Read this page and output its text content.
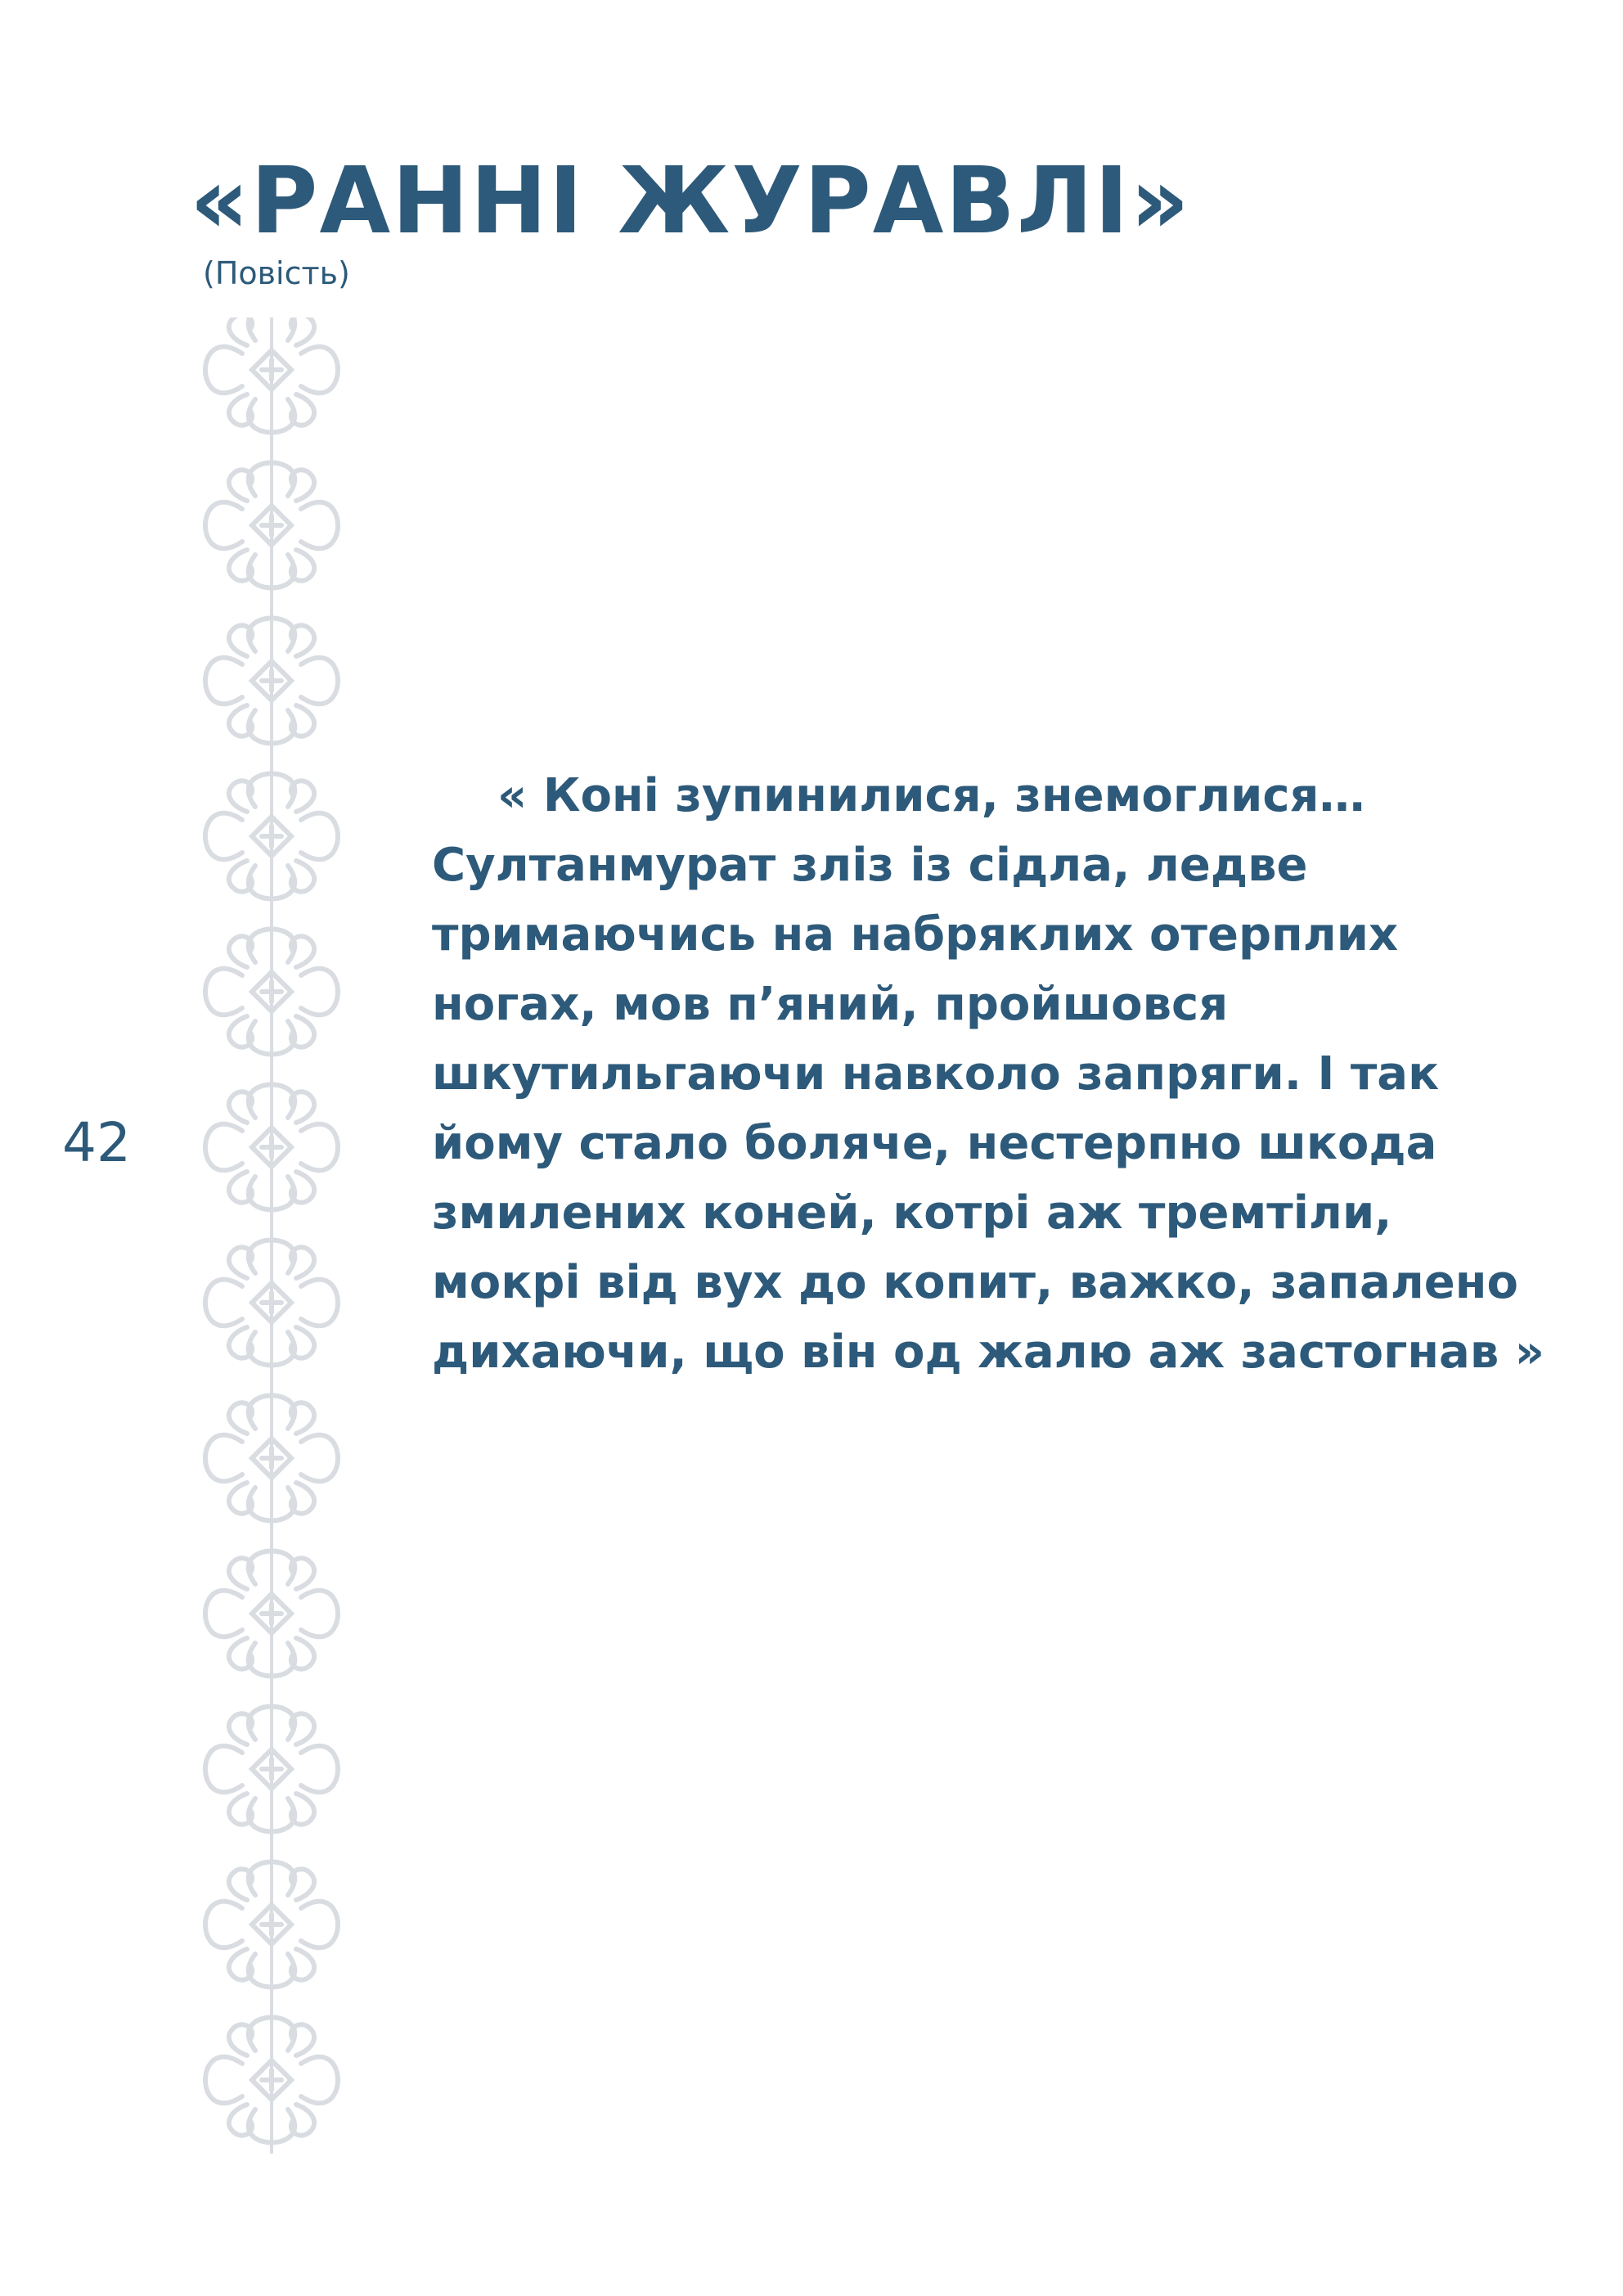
«РАННІ ЖУРАВЛІ»

(Повість)

42

« Коні зупинилися, знемоглися…
Султанмурат зліз із сідла, ледве
тримаючись на набряклих отерплих
ногах, мов п’яний, пройшовся
шкутильгаючи навколо запряги. І так
йому стало боляче, нестерпно шкода
змилених коней, котрі аж тремтіли,
мокрі від вух до копит, важко, запалено
дихаючи, що він од жалю аж застогнав »
